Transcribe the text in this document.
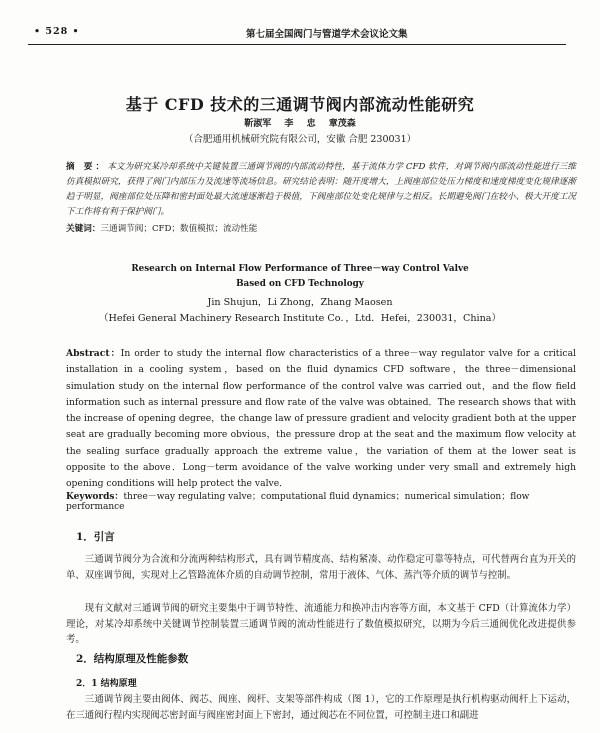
• 528 •	第七届全国阀门与管道学术会议论文集
基于 CFD 技术的三通调节阀内部流动性能研究
靳淑军 李 忠 章茂森
（合肥通用机械研究院有限公司，安徽 合肥 230031）
摘 要：本文为研究某冷却系统中关键装置三通调节阀的内部流动特性，基于流体力学 CFD 软件，对调节阀内部流动性能进行三维仿真模拟研究，获得了阀门内部压力及流速等流场信息。研究结论表明：随开度增大，上阀座部位处压力梯度和速度梯度变化规律逐渐趋于明显，阀座部位处压降和密封面处最大流速逐渐趋于极值，下阀座部位处变化规律与之相反。长期避免阀门在较小、极大开度工况下工作将有利于保护阀门。
关键词：三通调节阀；CFD；数值模拟；流动性能
Research on Internal Flow Performance of Three－way Control Valve
Based on CFD Technology
Jin Shujun，Li Zhong，Zhang Maosen
（Hefei General Machinery Research Institute Co．，Ltd．Hefei，230031，China）
Abstract：In order to study the internal flow characteristics of a three－way regulator valve for a critical installation in a cooling system，based on the fluid dynamics CFD software，the three－dimensional simulation study on the internal flow performance of the control valve was carried out，and the flow field information such as internal pressure and flow rate of the valve was obtained．The research shows that with the increase of opening degree，the change law of pressure gradient and velocity gradient both at the upper seat are gradually becoming more obvious，the pressure drop at the seat and the maximum flow velocity at the sealing surface gradually approach the extreme value，the variation of them at the lower seat is opposite to the above．Long－term avoidance of the valve working under very small and extremely high opening conditions will help protect the valve．
Keywords：three－way regulating valve；computational fluid dynamics；numerical simulation；flow performance
1．引言
三通调节阀分为合流和分流两种结构形式，具有调节精度高、结构紧凑、动作稳定可靠等特点，可代替两台直为开关的单、双座调节阀，实现对上乙管路流体介质的自动调节控制，常用于液体、气体、蒸汽等介质的调节与控制。
现有文献对三通调节阀的研究主要集中于调节特性、流通能力和换冲击内容等方面，本文基于 CFD（计算流体力学）理论，对某冷却系统中关键调节控制装置三通调节阀的流动性能进行了数值模拟研究，以期为今后三通阀优化改进提供参考。
2．结构原理及性能参数
2．1 结构原理
三通调节阀主要由阀体、阀芯、阀座、阀杆、支架等部件构成（图 1），它的工作原理是执行机构驱动阀杆上下运动，在三通阀行程内实现阀芯密封面与阀座密封面上下密封，通过阀芯在不同位置，可控制主进口和副进
